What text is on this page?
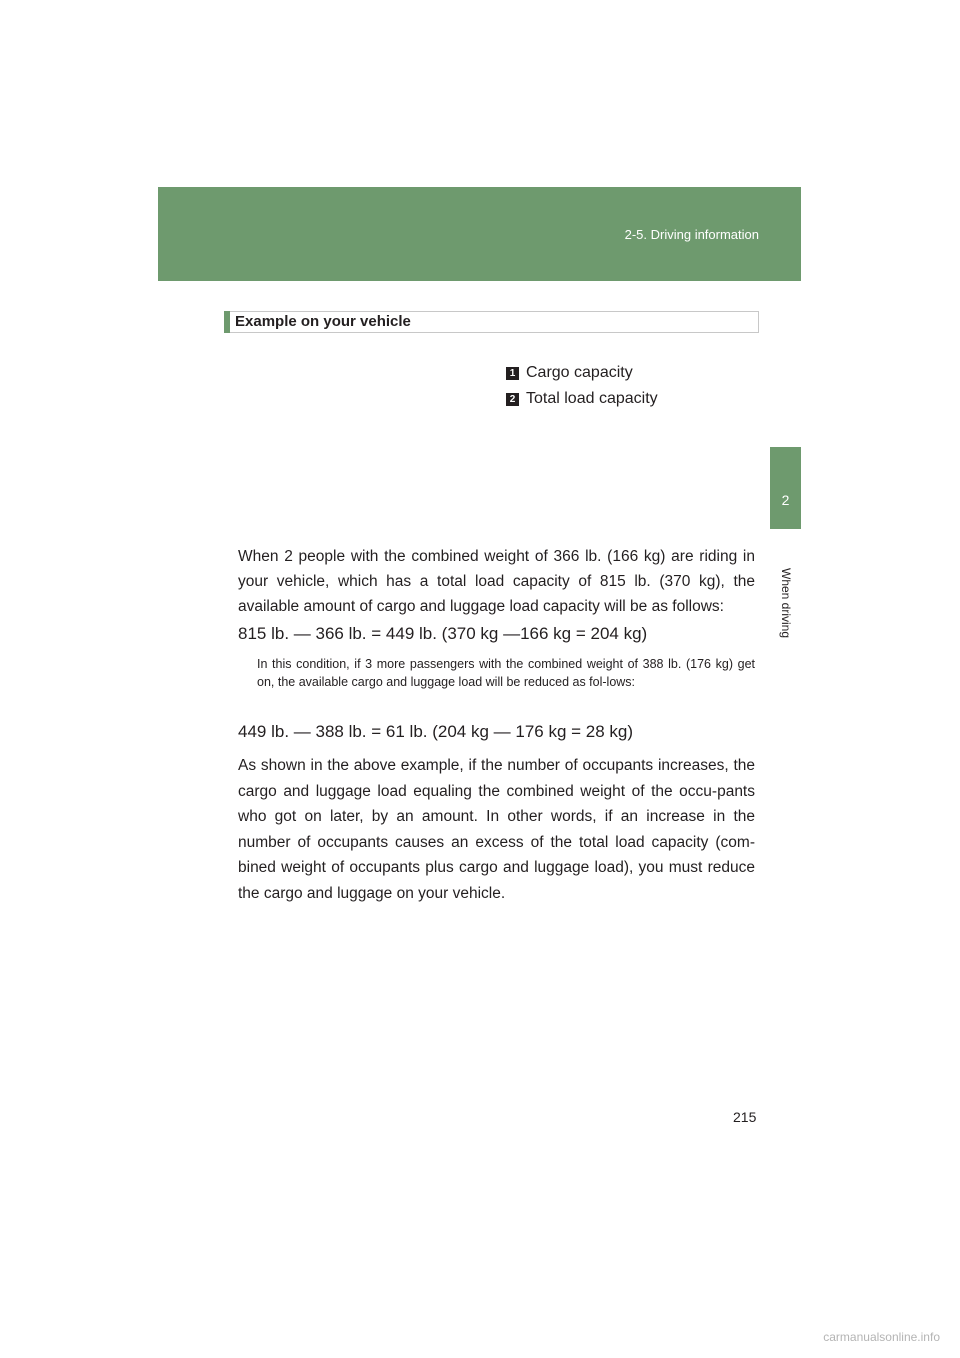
2-5. Driving information
2
When driving
Example on your vehicle
1 Cargo capacity
2 Total load capacity

When 2 people with the combined weight of 366 lb. (166 kg) are riding in your vehicle, which has a total load capacity of 815 lb. (370 kg), the available amount of cargo and luggage load capacity will be as follows:

815 lb. — 366 lb. = 449 lb. (370 kg —166 kg = 204 kg)

In this condition, if 3 more passengers with the combined weight of 388 lb. (176 kg) get on, the available cargo and luggage load will be reduced as fol-lows:

449 lb. — 388 lb. = 61 lb. (204 kg — 176 kg = 28 kg)

As shown in the above example, if the number of occupants increases, the cargo and luggage load equaling the combined weight of the occu-pants who got on later, by an amount. In other words, if an increase in the number of occupants causes an excess of the total load capacity (com-bined weight of occupants plus cargo and luggage load), you must reduce the cargo and luggage on your vehicle.

215
carmanualsonline.info
